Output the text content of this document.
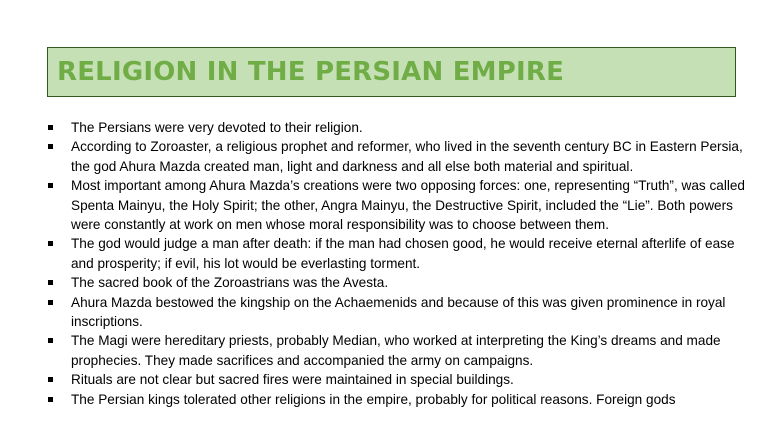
RELIGION IN THE PERSIAN EMPIRE
The Persians were very devoted to their religion.
According to Zoroaster, a religious prophet and reformer, who lived in the seventh century BC in Eastern Persia, the god Ahura Mazda created man, light and darkness and all else both material and spiritual.
Most important among Ahura Mazda’s creations were two opposing forces: one, representing “Truth”, was called Spenta Mainyu, the Holy Spirit; the other, Angra Mainyu, the Destructive Spirit, included the “Lie”. Both powers were constantly at work on men whose moral responsibility was to choose between them.
The god would judge a man after death: if the man had chosen good, he would receive eternal afterlife of ease and prosperity; if evil, his lot would be everlasting torment.
The sacred book of the Zoroastrians was the Avesta.
Ahura Mazda bestowed the kingship on the Achaemenids and because of this was given prominence in royal inscriptions.
The Magi were hereditary priests, probably Median, who worked at interpreting the King’s dreams and made prophecies. They made sacrifices and accompanied the army on campaigns.
Rituals are not clear but sacred fires were maintained in special buildings.
The Persian kings tolerated other religions in the empire, probably for political reasons. Foreign gods
